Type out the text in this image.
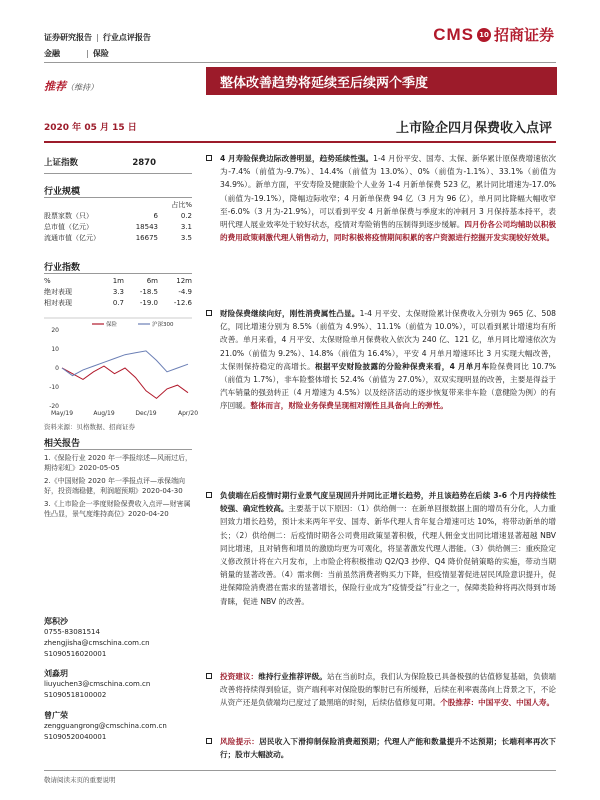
证券研究报告 | 行业点评报告
金融	| 保险
CMS 10 招商证券
推荐（维持）	整体改善趋势将延续至后续两个季度
2020 年 05 月 15 日	上市险企四月保费收入点评
上证指数	2870
行业规模
占比%
股票家数（只）	6	0.2
总市值（亿元）	18543	3.1
流通市值（亿元）	16675	3.5
行业指数
%	1m	6m	12m
绝对表现	3.3	-18.5	-4.9
相对表现	0.7	-19.0	-12.6
保险	沪深300
20
10
0
-10
-20
May/19	Aug/19	Dec/19	Apr/20
资料来源：贝格数据、招商证券
相关报告
1.《保险行业 2020 年一季报综述—风雨过后，期待彩虹》2020-05-05
2.《中国财险 2020 年一季报点评—承保端向好，投资端稳健，利润超预期》2020-04-30
3.《上市险企一季度财险保费收入点评—财害属性凸显，景气度维持高位》2020-04-20
郑积沙
0755-83081514
zhengjisha@cmschina.com.cn
S1090516020001
刘淼玥
liuyuchen3@cmschina.com.cn
S1090518100002
曾广荣
zengguangrong@cmschina.com.cn
S1090520040001
4 月寿险保费边际改善明显，趋势延续性强。1-4 月份平安、国寿、太保、新华累计原保费增速依次为-7.4%（前值为-9.7%）、14.4%（前值为 13.0%）、0%（前值为-1.1%）、33.1%（前值为 34.9%）。新单方面，平安寿险及健康险个人业务 1-4 月新单保费 523 亿，累计同比增速为-17.0%（前值为-19.1%），降幅边际收窄；4 月新单保费 94 亿（3 月为 96 亿），单月同比降幅大幅收窄至-6.0%（3 月为-21.9%），可以看到平安 4 月新单保费与季度末的冲刺月 3 月保持基本持平，表明代理人展业效率处于较好状态，疫情对寿险销售的压制得到逐步缓解。四月份各公司均辅助以积极的费用政策刺激代理人销售动力，同时积极将疫情期间积累的客户资源进行挖掘开发实现较好效果。
财险保费继续向好，刚性消费属性凸显。1-4 月平安、太保财险累计保费收入分别为 965 亿、508 亿，同比增速分别为 8.5%（前值为 4.9%）、11.1%（前值为 10.0%），可以看到累计增速均有所改善。单月来看，4 月平安、太保财险单月保费收入依次为 240 亿、121 亿，单月同比增速依次为 21.0%（前值为 9.2%）、14.8%（前值为 16.4%），平安 4 月单月增速环比 3 月实现大幅改善，太保则保持稳定的高增长。根据平安财险披露的分险种保费来看，4 月单月车险保费同比 10.7%（前值为 1.7%），非车险整体增长 52.4%（前值为 27.0%），双双实现明显的改善，主要是得益于汽车销量的强劲转正（4 月增速为 4.5%）以及经济活动的逐步恢复带来非车险（意健险为例）的有序回暖。整体而言，财险业务保费呈现相对刚性且具备向上的弹性。
负债端在后疫情时期行业景气度呈现回升并同比正增长趋势，并且该趋势在后续 3-6 个月内持续性较强、确定性较高。主要基于以下原因：（1）供给侧一：在新单回报数据上面的增员有分化，人力重回致力增长趋势，预计未来两年平安、国寿、新华代理人肯年复合增速可达 10%，将带动新单的增长；（2）供给侧二：后疫情时期各公司费用政策显著积极，代理人佣金支出同比增速显著超越 NBV 同比增速，且对销售和增员的激励均更为可观化，将显著激发代理人潜能。（3）供给侧三：重疾险定义修改预计将在六月发布，上市险企将积极推动 Q2/Q3 抄停、Q4 降价促销策略的实施，带动当期销量的显著改善。（4）需求侧：当前虽然消费者购买力下降，但疫情显著促进居民风险意识提升，促进保障险消费潜在需求的显著增长，保险行业成为“疫情受益”行业之一，保障类险种将再次得到市场青睐，促进 NBV 的改善。
投资建议：维持行业推荐评级。站在当前时点，我们认为保险股已具备极强的估值修复基础，负债端改善将持续得到验证，资产端利率对保险股的掣肘已有所缓释，后续在利率震荡向上背景之下，不论从资产还是负债端均已度过了最黑暗的时刻，后续估值修复可期。个股推荐：中国平安、中国人寿。
风险提示：居民收入下滑抑制保险消费超预期；代理人产能和数量提升不达预期；长端利率再次下行；股市大幅波动。
敬请阅读末页的重要说明
